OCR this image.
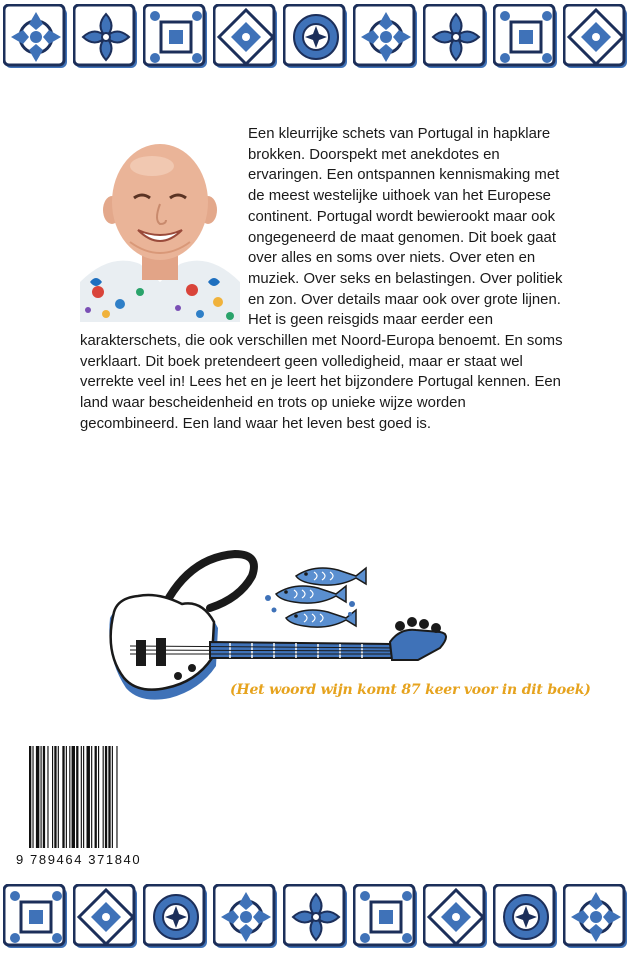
Een kleurrijke schets van Portugal in hapklare brokken. Doorspekt met anekdotes en ervaringen. Een ontspannen kennismaking met de meest westelijke uithoek van het Europese continent. Portugal wordt bewierookt maar ook ongegeneerd de maat genomen. Dit boek gaat over alles en soms over niets. Over eten en muziek. Over seks en belastingen. Over politiek en zon. Over details maar ook over grote lijnen. Het is geen reisgids maar eerder een karakterschets, die ook verschillen met Noord-Europa benoemt. En soms verklaart. Dit boek pretendeert geen volledigheid, maar er staat wel verrekte veel in! Lees het en je leert het bijzondere Portugal kennen. Een land waar bescheidenheid en trots op unieke wijze worden gecombineerd. Een land waar het leven best goed is.
(Het woord wijn komt 87 keer voor in dit boek)
9 789464 371840
